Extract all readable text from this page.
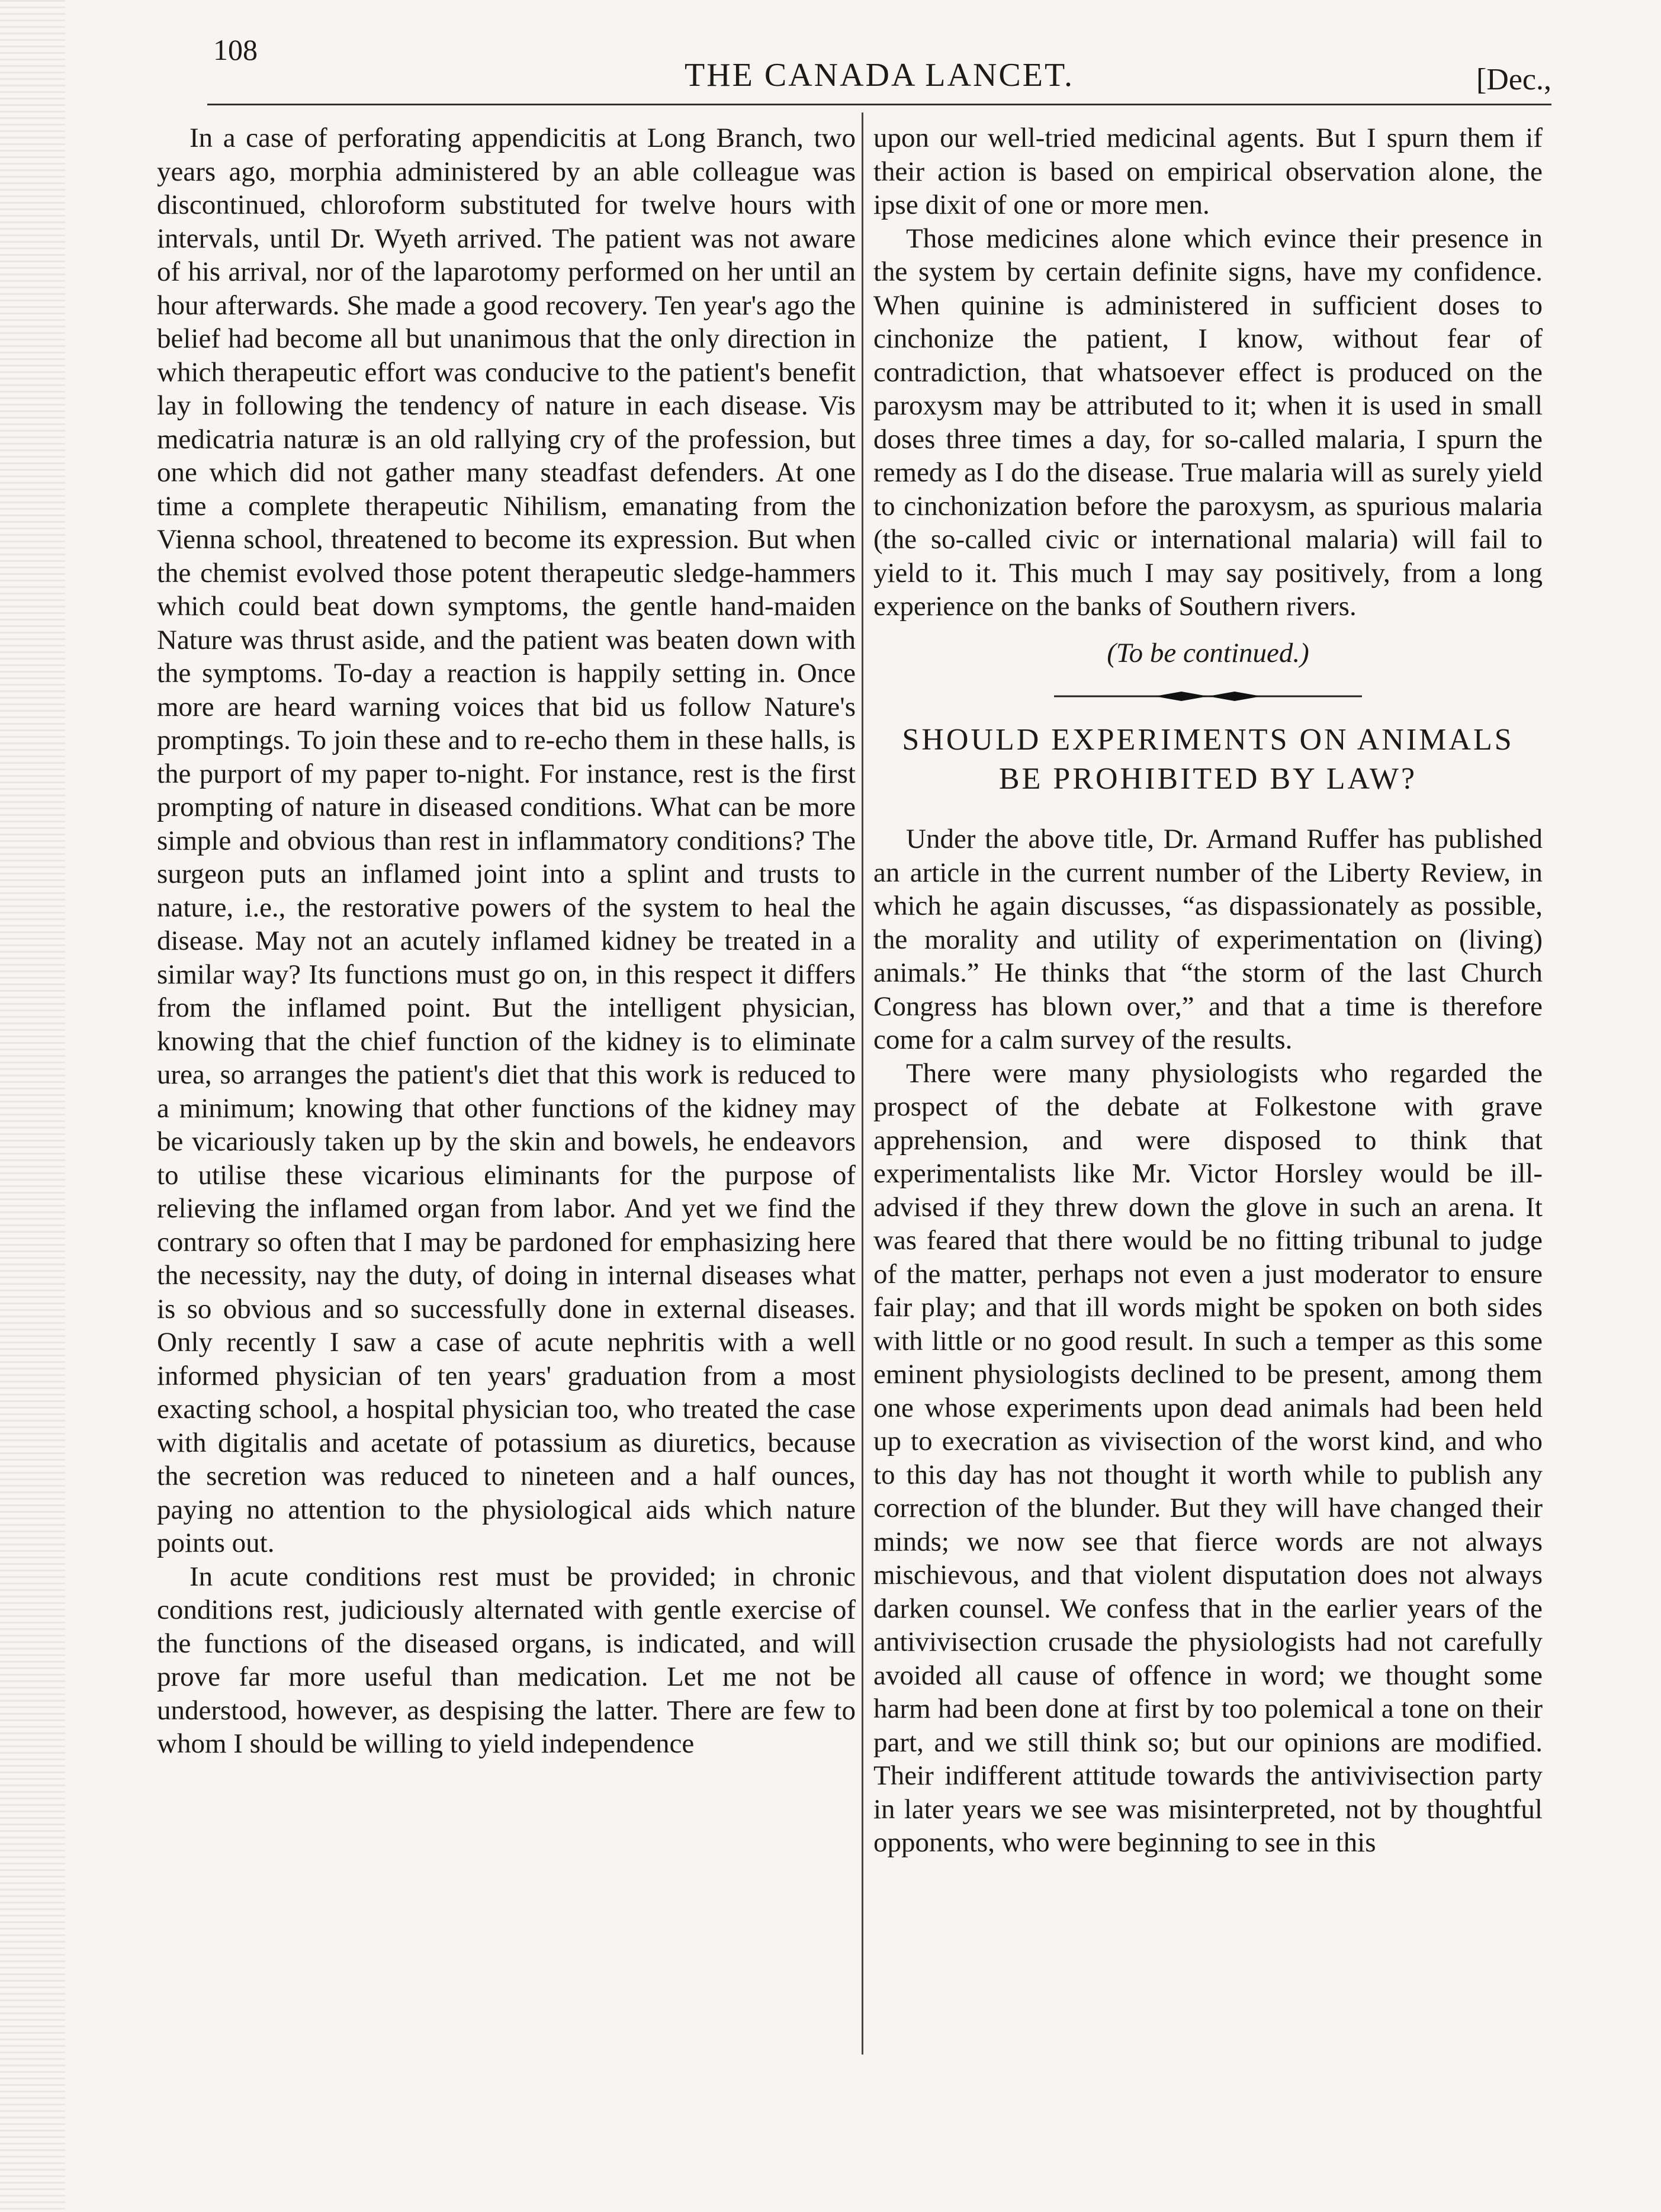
108
THE CANADA LANCET.	[Dec.,

In a case of perforating appendicitis at Long Branch, two years ago, morphia administered by an able colleague was discontinued, chloroform substituted for twelve hours with intervals, until Dr. Wyeth arrived. The patient was not aware of his arrival, nor of the laparotomy performed on her until an hour afterwards. She made a good recovery. Ten year's ago the belief had become all but unanimous that the only direction in which therapeutic effort was conducive to the patient's benefit lay in following the tendency of nature in each disease. Vis medicatria naturæ is an old rallying cry of the profession, but one which did not gather many steadfast defenders. At one time a complete therapeutic Nihilism, emanating from the Vienna school, threatened to become its expression. But when the chemist evolved those potent therapeutic sledge-hammers which could beat down symptoms, the gentle hand-maiden Nature was thrust aside, and the patient was beaten down with the symptoms. To-day a reaction is happily setting in. Once more are heard warning voices that bid us follow Nature's promptings. To join these and to re-echo them in these halls, is the purport of my paper to-night. For instance, rest is the first prompting of nature in diseased conditions. What can be more simple and obvious than rest in inflammatory conditions? The surgeon puts an inflamed joint into a splint and trusts to nature, i.e., the restorative powers of the system to heal the disease. May not an acutely inflamed kidney be treated in a similar way? Its functions must go on, in this respect it differs from the inflamed point. But the intelligent physician, knowing that the chief function of the kidney is to eliminate urea, so arranges the patient's diet that this work is reduced to a minimum; knowing that other functions of the kidney may be vicariously taken up by the skin and bowels, he endeavors to utilise these vicarious eliminants for the purpose of relieving the inflamed organ from labor. And yet we find the contrary so often that I may be pardoned for emphasizing here the necessity, nay the duty, of doing in internal diseases what is so obvious and so successfully done in external diseases. Only recently I saw a case of acute nephritis with a well informed physician of ten years' graduation from a most exacting school, a hospital physician too, who treated the case with digitalis and acetate of potassium as diuretics, because the secretion was reduced to nineteen and a half ounces, paying no attention to the physiological aids which nature points out.

In acute conditions rest must be provided; in chronic conditions rest, judiciously alternated with gentle exercise of the functions of the diseased organs, is indicated, and will prove far more useful than medication. Let me not be understood, however, as despising the latter. There are few to whom I should be willing to yield independence

upon our well-tried medicinal agents. But I spurn them if their action is based on empirical observation alone, the ipse dixit of one or more men.

Those medicines alone which evince their presence in the system by certain definite signs, have my confidence. When quinine is administered in sufficient doses to cinchonize the patient, I know, without fear of contradiction, that whatsoever effect is produced on the paroxysm may be attributed to it; when it is used in small doses three times a day, for so-called malaria, I spurn the remedy as I do the disease. True malaria will as surely yield to cinchonization before the paroxysm, as spurious malaria (the so-called civic or international malaria) will fail to yield to it. This much I may say positively, from a long experience on the banks of Southern rivers.

(To be continued.)
SHOULD EXPERIMENTS ON ANIMALS
BE PROHIBITED BY LAW?

Under the above title, Dr. Armand Ruffer has published an article in the current number of the Liberty Review, in which he again discusses, “as dispassionately as possible, the morality and utility of experimentation on (living) animals.” He thinks that “the storm of the last Church Congress has blown over,” and that a time is therefore come for a calm survey of the results.

There were many physiologists who regarded the prospect of the debate at Folkestone with grave apprehension, and were disposed to think that experimentalists like Mr. Victor Horsley would be ill-advised if they threw down the glove in such an arena. It was feared that there would be no fitting tribunal to judge of the matter, perhaps not even a just moderator to ensure fair play; and that ill words might be spoken on both sides with little or no good result. In such a temper as this some eminent physiologists declined to be present, among them one whose experiments upon dead animals had been held up to execration as vivisection of the worst kind, and who to this day has not thought it worth while to publish any correction of the blunder. But they will have changed their minds; we now see that fierce words are not always mischievous, and that violent disputation does not always darken counsel. We confess that in the earlier years of the antivivisection crusade the physiologists had not carefully avoided all cause of offence in word; we thought some harm had been done at first by too polemical a tone on their part, and we still think so; but our opinions are modified. Their indifferent attitude towards the antivivisection party in later years we see was misinterpreted, not by thoughtful opponents, who were beginning to see in this
